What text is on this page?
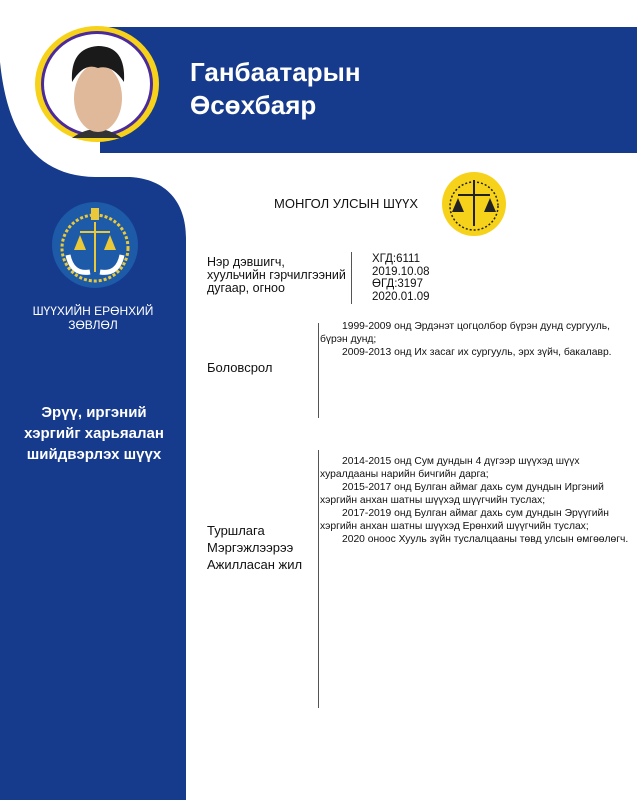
Ганбаатарын
Өсөхбаяр
ШҮҮХИЙН ЕРӨНХИЙ ЗӨВЛӨЛ
Эрүү, иргэний хэргийг харьяалан шийдвэрлэх шүүх
МОНГОЛ УЛСЫН ШҮҮХ
Нэр дэвшигч, хуульчийн гэрчилгээний дугаар, огноо
ХГД:6111
2019.10.08
ӨГД:3197
2020.01.09
Боловсрол

1999-2009 онд Эрдэнэт цогцолбор бүрэн дунд сургууль, бүрэн дунд;

2009-2013 онд Их засаг их сургууль, эрх зүйч, бакалавр.

Туршлага
Мэргэжлээрээ
Ажилласан жил

2014-2015 онд Сум дундын 4 дүгээр шүүхэд шүүх хуралдааны нарийн бичгийн дарга;

2015-2017 онд Булган аймаг дахь сум дундын Иргэний хэргийн анхан шатны шүүхэд шүүгчийн туслах;

2017-2019 онд Булган аймаг дахь сум дундын Эрүүгийн хэргийн анхан шатны шүүхэд Ерөнхий шүүгчийн туслах;

2020 оноос Хууль зүйн туслалцааны төвд улсын өмгөөлөгч.
